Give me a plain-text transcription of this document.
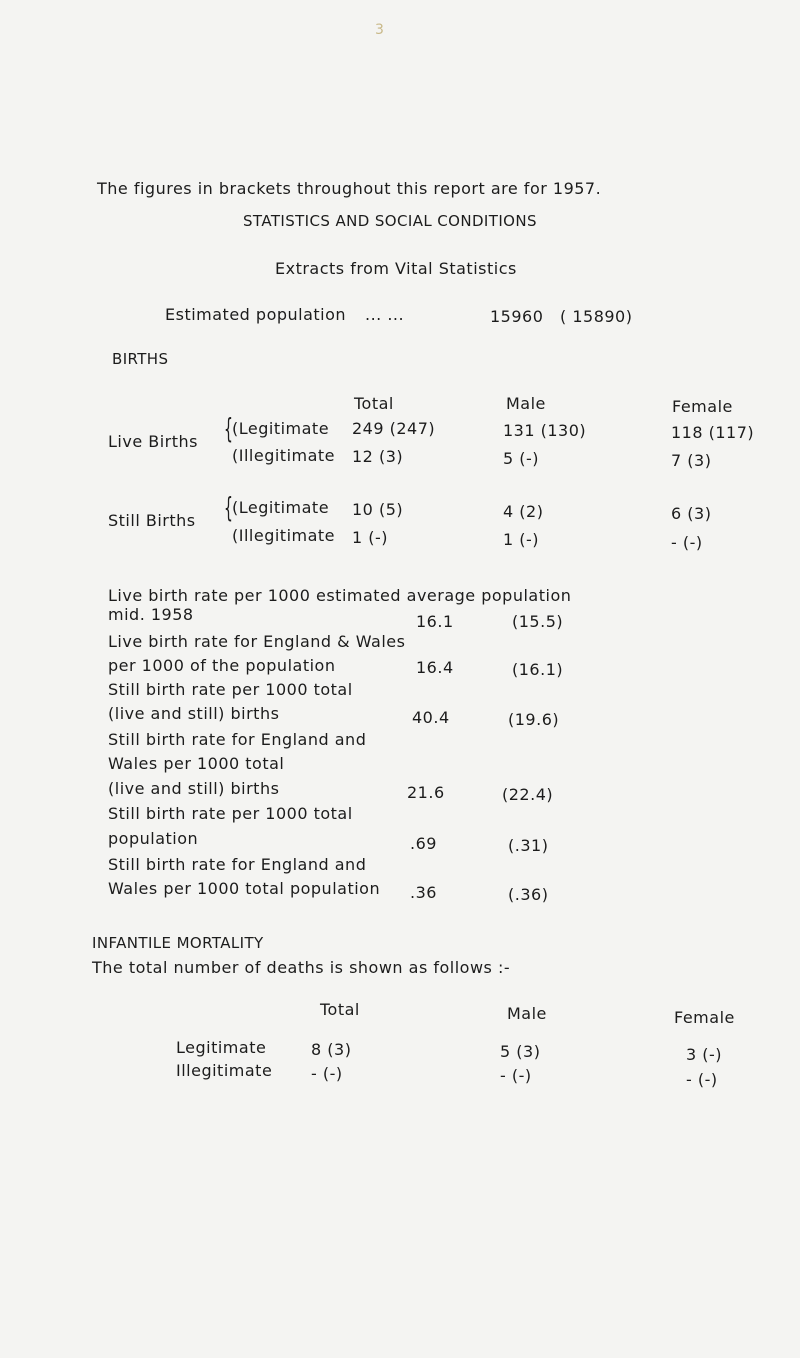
3
The figures in brackets throughout this report are for 1957.
STATISTICS AND SOCIAL CONDITIONS
Extracts from Vital Statistics
Estimated population ... ...	15960 ( 15890)
BIRTHS
Total	Male	Female
Live Births { (Legitimate 249 (247)	131 (130)	118 (117)
(Illegitimate 12 (3)	5 (-)	7 (3)
Still Births { (Legitimate 10 (5)	4 (2)	6 (3)
(Illegitimate 1 (-)	1 (-)	- (-)
Live birth rate per 1000 estimated average population
mid. 1958	16.1	(15.5)
Live birth rate for England & Wales
per 1000 of the population	16.4	(16.1)
Still birth rate per 1000 total
(live and still) births	40.4	(19.6)
Still birth rate for England and
Wales per 1000 total
(live and still) births	21.6	(22.4)
Still birth rate per 1000 total
population	.69	(.31)
Still birth rate for England and
Wales per 1000 total population .36	(.36)
INFANTILE MORTALITY
The total number of deaths is shown as follows :-
Total	Male	Female
Legitimate	8 (3)	5 (3)	3 (-)
Illegitimate - (-)	- (-)	- (-)
